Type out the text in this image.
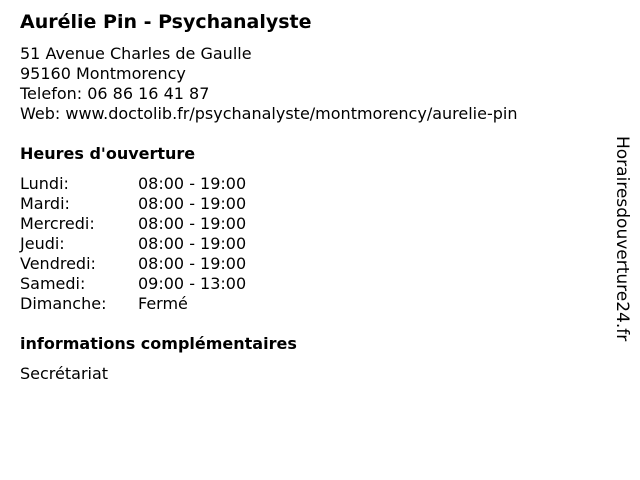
Aurélie Pin - Psychanalyste
51 Avenue Charles de Gaulle
95160 Montmorency
Telefon: 06 86 16 41 87
Web: www.doctolib.fr/psychanalyste/montmorency/aurelie-pin
Heures d'ouverture
Lundi:	08:00 - 19:00
Mardi:	08:00 - 19:00
Mercredi:	08:00 - 19:00
Jeudi:	08:00 - 19:00
Vendredi:	08:00 - 19:00
Samedi:	09:00 - 13:00
Dimanche: Fermé
informations complémentaires
Secrétariat
Horairesdouverture24.fr
